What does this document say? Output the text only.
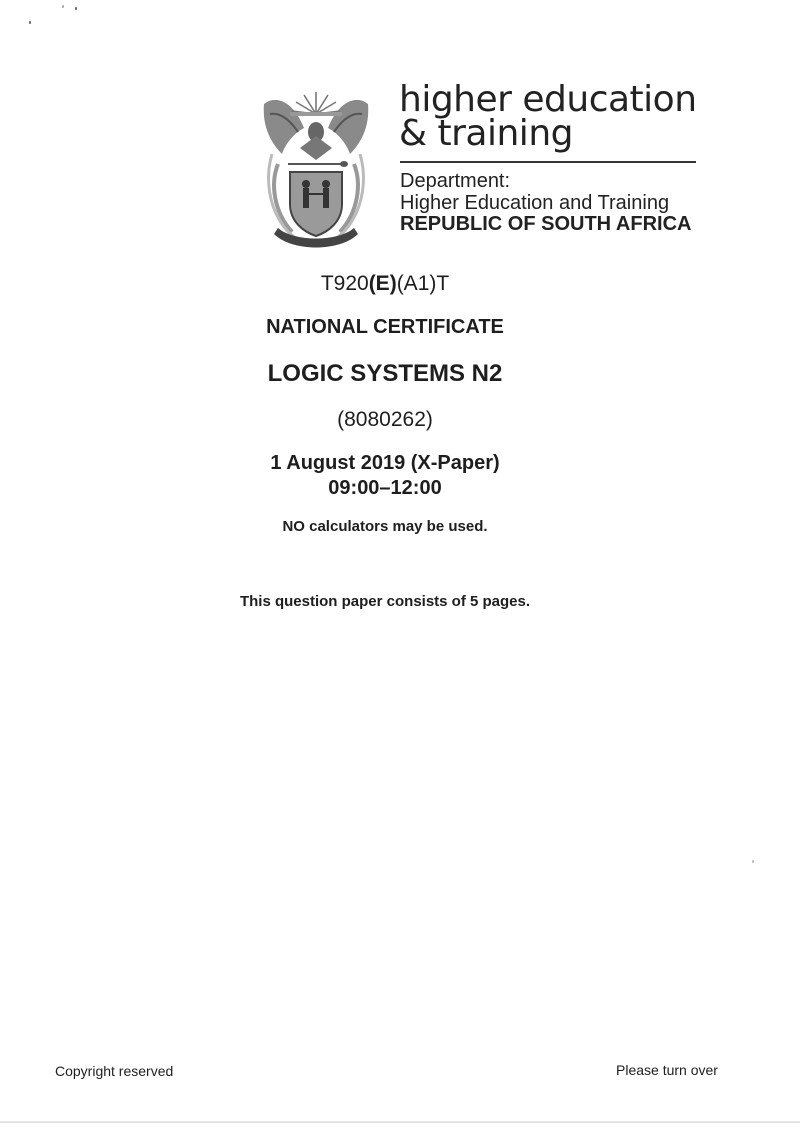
higher education
& training
Department:
Higher Education and Training
REPUBLIC OF SOUTH AFRICA
T920(E)(A1)T
NATIONAL CERTIFICATE
LOGIC SYSTEMS N2
(8080262)
1 August 2019 (X-Paper)
09:00–12:00
NO calculators may be used.
This question paper consists of 5 pages.
Copyright reserved	Please turn over
